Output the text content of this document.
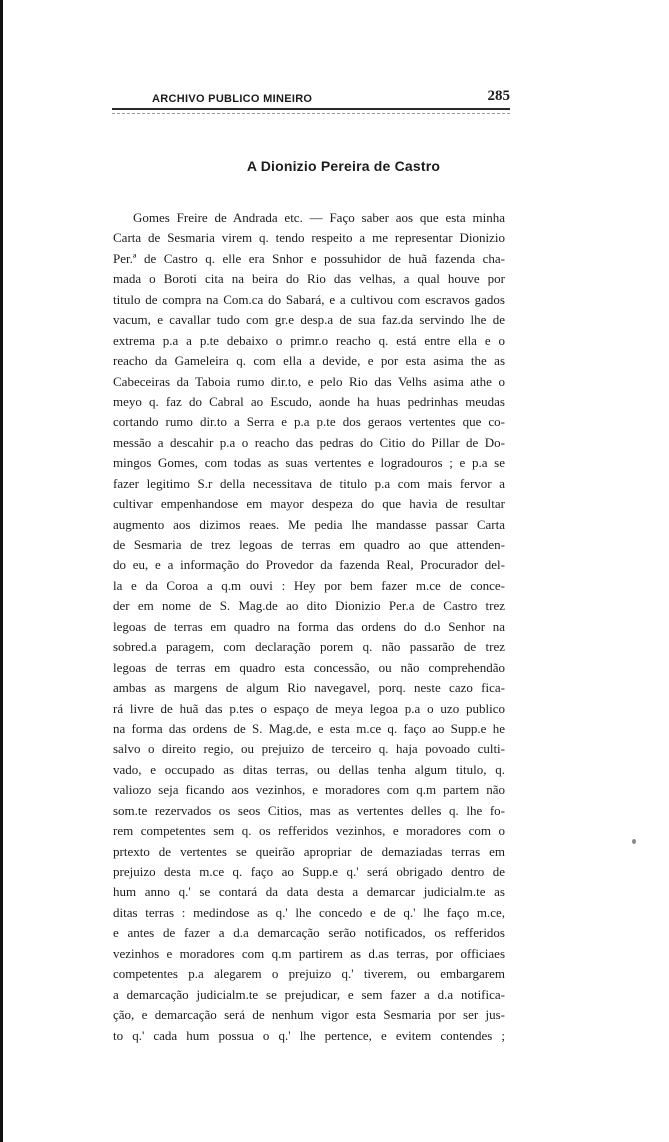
ARCHIVO PUBLICO MINEIRO	285
A Dionizio Pereira de Castro
Gomes Freire de Andrada etc. — Faço saber aos que esta minha
Carta de Sesmaria virem q. tendo respeito a me representar Dionizio
Per.ª de Castro q. elle era Snhor e possuhidor de huã fazenda cha-
mada o Boroti cita na beira do Rio das velhas, a qual houve por
titulo de compra na Com.ca do Sabará, e a cultivou com escravos gados
vacum, e cavallar tudo com gr.e desp.a de sua faz.da servindo lhe de
extrema p.a a p.te debaixo o primr.o reacho q. está entre ella e o
reacho da Gameleira q. com ella a devide, e por esta asima the as
Cabeceiras da Taboia rumo dir.to, e pelo Rio das Velhs asima athe o
meyo q. faz do Cabral ao Escudo, aonde ha huas pedrinhas meudas
cortando rumo dir.to a Serra e p.a p.te dos geraos vertentes que co-
messão a descahir p.a o reacho das pedras do Citio do Pillar de Do-
mingos Gomes, com todas as suas vertentes e logradouros ; e p.a se
fazer legitimo S.r della necessitava de titulo p.a com mais fervor a
cultivar empenhandose em mayor despeza do que havia de resultar
augmento aos dizimos reaes. Me pedia lhe mandasse passar Carta
de Sesmaria de trez legoas de terras em quadro ao que attenden-
do eu, e a informação do Provedor da fazenda Real, Procurador del-
la e da Coroa a q.m ouvi : Hey por bem fazer m.ce de conce-
der em nome de S. Mag.de ao dito Dionizio Per.a de Castro trez
legoas de terras em quadro na forma das ordens do d.o Senhor na
sobred.a paragem, com declaração porem q. não passarão de trez
legoas de terras em quadro esta concessão, ou não comprehendão
ambas as margens de algum Rio navegavel, porq. neste cazo fica-
rá livre de huã das p.tes o espaço de meya legoa p.a o uzo publico
na forma das ordens de S. Mag.de, e esta m.ce q. faço ao Supp.e he
salvo o direito regio, ou prejuizo de terceiro q. haja povoado culti-
vado, e occupado as ditas terras, ou dellas tenha algum titulo, q.
valiozo seja ficando aos vezinhos, e moradores com q.m partem não
som.te rezervados os seos Citios, mas as vertentes delles q. lhe fo-
rem competentes sem q. os refferidos vezinhos, e moradores com o
prtexto de vertentes se queirão apropriar de demaziadas terras em
prejuizo desta m.ce q. faço ao Supp.e q.' será obrigado dentro de
hum anno q.' se contará da data desta a demarcar judicialm.te as
ditas terras : medindose as q.' lhe concedo e de q.' lhe faço m.ce,
e antes de fazer a d.a demarcação serão notificados, os refferidos
vezinhos e moradores com q.m partirem as d.as terras, por officiaes
competentes p.a alegarem o prejuizo q.' tiverem, ou embargarem
a demarcação judicialm.te se prejudicar, e sem fazer a d.a notifica-
ção, e demarcação será de nenhum vigor esta Sesmaria por ser jus-
to q.' cada hum possua o q.' lhe pertence, e evitem contendes ;
